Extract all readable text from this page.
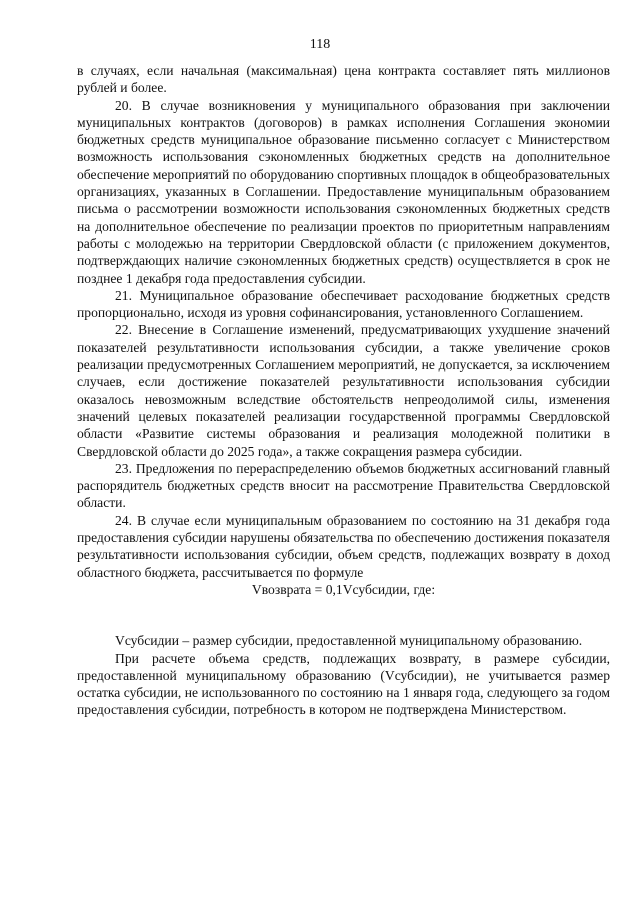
118

в случаях, если начальная (максимальная) цена контракта составляет пять миллионов рублей и более.

20. В случае возникновения у муниципального образования при заключении муниципальных контрактов (договоров) в рамках исполнения Соглашения экономии бюджетных средств муниципальное образование письменно согласует с Министерством возможность использования сэкономленных бюджетных средств на дополнительное обеспечение мероприятий по оборудованию спортивных площадок в общеобразовательных организациях, указанных в Соглашении. Предоставление муниципальным образованием письма о рассмотрении возможности использования сэкономленных бюджетных средств на дополнительное обеспечение по реализации проектов по приоритетным направлениям работы с молодежью на территории Свердловской области (с приложением документов, подтверждающих наличие сэкономленных бюджетных средств) осуществляется в срок не позднее 1 декабря года предоставления субсидии.

21. Муниципальное образование обеспечивает расходование бюджетных средств пропорционально, исходя из уровня софинансирования, установленного Соглашением.

22. Внесение в Соглашение изменений, предусматривающих ухудшение значений показателей результативности использования субсидии, а также увеличение сроков реализации предусмотренных Соглашением мероприятий, не допускается, за исключением случаев, если достижение показателей результативности использования субсидии оказалось невозможным вследствие обстоятельств непреодолимой силы, изменения значений целевых показателей реализации государственной программы Свердловской области «Развитие системы образования и реализация молодежной политики в Свердловской области до 2025 года», а также сокращения размера субсидии.

23. Предложения по перераспределению объемов бюджетных ассигнований главный распорядитель бюджетных средств вносит на рассмотрение Правительства Свердловской области.

24. В случае если муниципальным образованием по состоянию на 31 декабря года предоставления субсидии нарушены обязательства по обеспечению достижения показателя результативности использования субсидии, объем средств, подлежащих возврату в доход областного бюджета, рассчитывается по формуле

Vвозврата = 0,1Vсубсидии, где:

Vсубсидии – размер субсидии, предоставленной муниципальному образованию.

При расчете объема средств, подлежащих возврату, в размере субсидии, предоставленной муниципальному образованию (Vсубсидии), не учитывается размер остатка субсидии, не использованного по состоянию на 1 января года, следующего за годом предоставления субсидии, потребность в котором не подтверждена Министерством.
